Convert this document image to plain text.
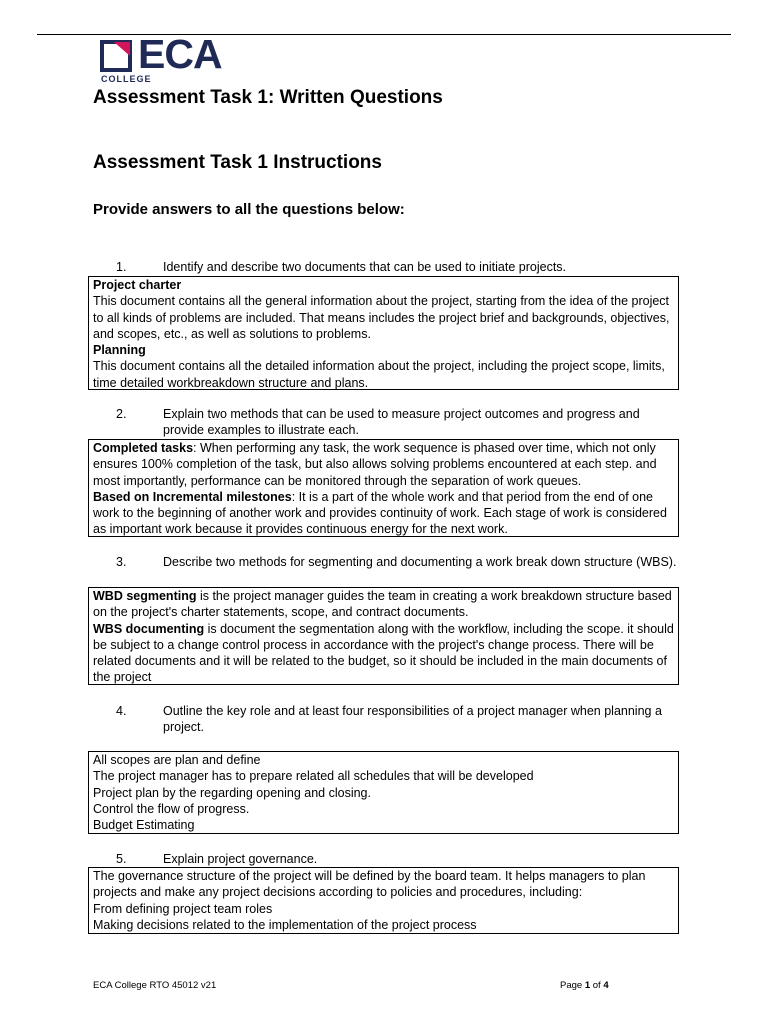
ECA
COLLEGE
Assessment Task 1: Written Questions
Assessment Task 1 Instructions
Provide answers to all the questions below:
1.	Identify and describe two documents that can be used to initiate projects.

Project charter

This document contains all the general information about the project, starting from the idea of the project to all kinds of problems are included. That means includes the project brief and backgrounds, objectives, and scopes, etc., as well as solutions to problems.

Planning

This document contains all the detailed information about the project, including the project scope, limits, time detailed workbreakdown structure and plans.

2.	Explain two methods that can be used to measure project outcomes and progress and provide examples to illustrate each.

Completed tasks: When performing any task, the work sequence is phased over time, which not only ensures 100% completion of the task, but also allows solving problems encountered at each step. and most importantly, performance can be monitored through the separation of work queues.

Based on Incremental milestones: It is a part of the whole work and that period from the end of one work to the beginning of another work and provides continuity of work. Each stage of work is considered as important work because it provides continuous energy for the next work.

3.	Describe two methods for segmenting and documenting a work break down structure (WBS).

WBD segmenting is the project manager guides the team in creating a work breakdown structure based on the project's charter statements, scope, and contract documents.

WBS documenting is document the segmentation along with the workflow, including the scope. it should be subject to a change control process in accordance with the project's change process. There will be related documents and it will be related to the budget, so it should be included in the main documents of the project

4.	Outline the key role and at least four responsibilities of a project manager when planning a project.

All scopes are plan and define

The project manager has to prepare related all schedules that will be developed

Project plan by the regarding opening and closing.

Control the flow of progress.

Budget Estimating

5.	Explain project governance.

The governance structure of the project will be defined by the board team. It helps managers to plan projects and make any project decisions according to policies and procedures, including:

From defining project team roles

Making decisions related to the implementation of the project process

ECA College RTO 45012 v21	Page 1 of 4
